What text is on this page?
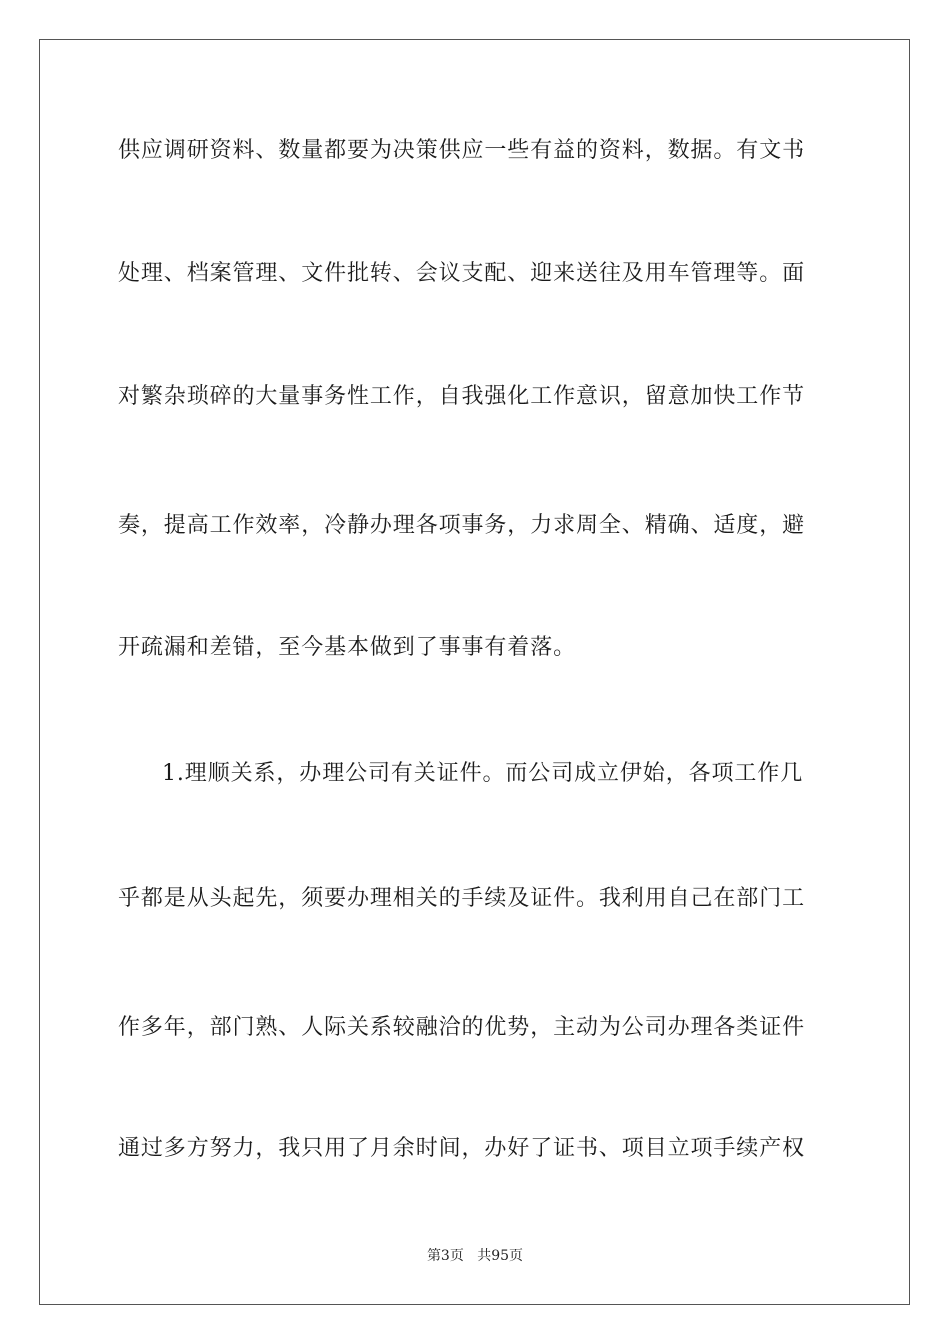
供应调研资料、数量都要为决策供应一些有益的资料，数据。有文书
处理、档案管理、文件批转、会议支配、迎来送往及用车管理等。面
对繁杂琐碎的大量事务性工作，自我强化工作意识，留意加快工作节
奏，提高工作效率，冷静办理各项事务，力求周全、精确、适度，避
开疏漏和差错，至今基本做到了事事有着落。
1.理顺关系，办理公司有关证件。而公司成立伊始，各项工作几
乎都是从头起先，须要办理相关的手续及证件。我利用自己在部门工
作多年，部门熟、人际关系较融洽的优势，主动为公司办理各类证件
通过多方努力，我只用了月余时间，办好了证书、项目立项手续产权
第3页 共95页
